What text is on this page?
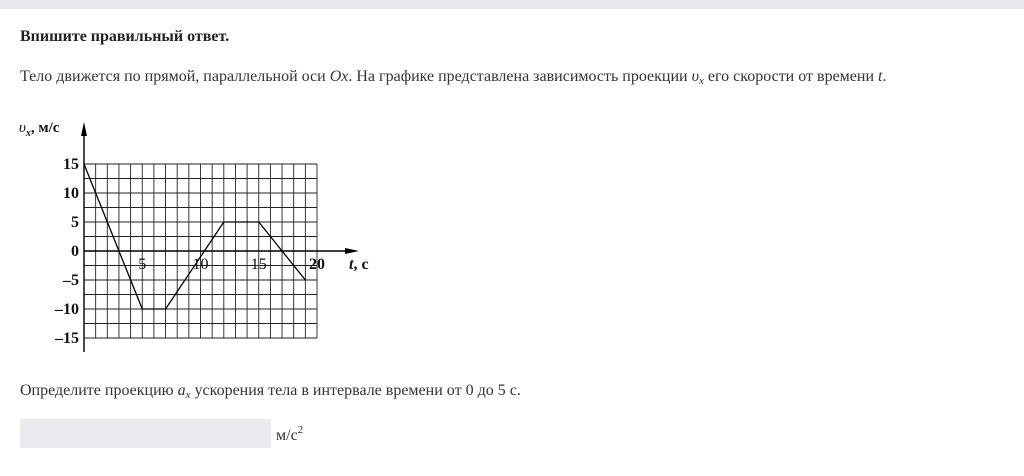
Впишите правильный ответ.
Тело движется по прямой, параллельной оси Ox. На графике представлена зависимость проекции $\upsilon_x$ его скорости от времени t.
15
10
5
0
–5
–10
–15
5	10	15	20
$\upsilon_x$, м/с
t, с
Определите проекцию $a_x$ ускорения тела в интервале времени от 0 до 5 с.
$м/с^2$
